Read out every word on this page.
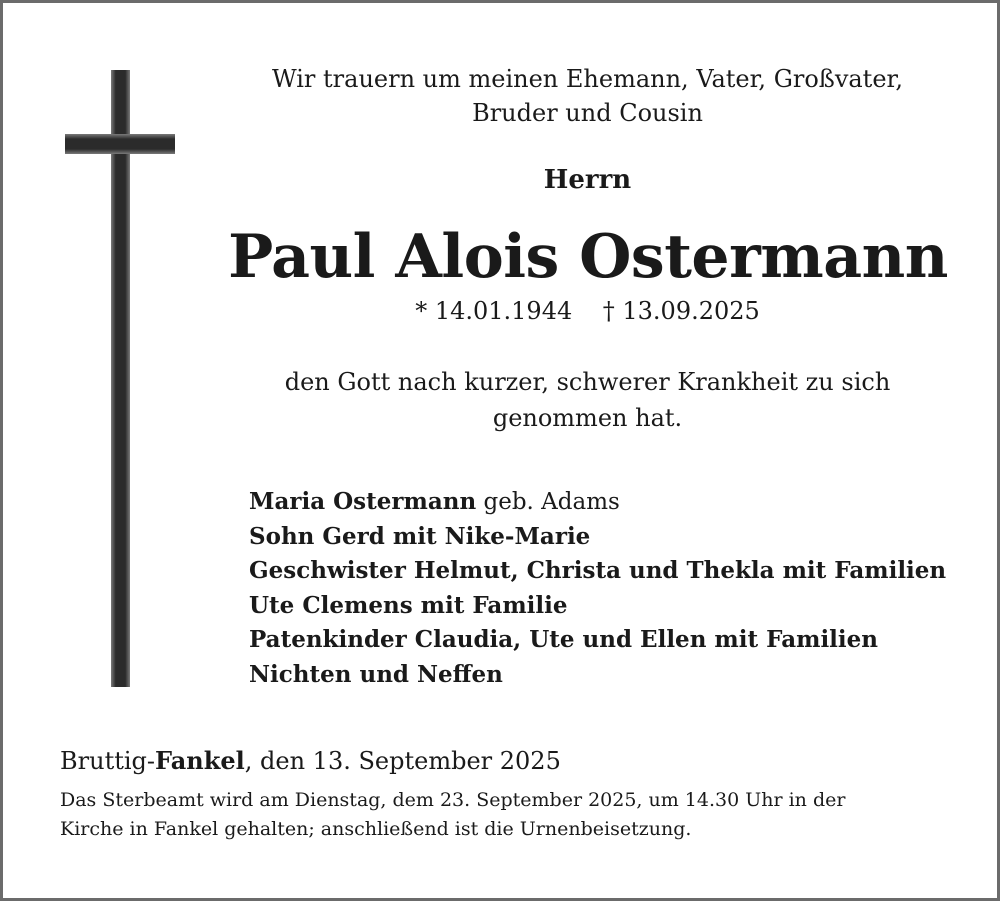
Wir trauern um meinen Ehemann, Vater, Großvater,
Bruder und Cousin
Herrn
Paul Alois Ostermann
* 14.01.1944 † 13.09.2025
den Gott nach kurzer, schwerer Krankheit zu sich
genommen hat.
Maria Ostermann geb. Adams
Sohn Gerd mit Nike-Marie
Geschwister Helmut, Christa und Thekla mit Familien
Ute Clemens mit Familie
Patenkinder Claudia, Ute und Ellen mit Familien
Nichten und Neffen
Bruttig-Fankel, den 13. September 2025
Das Sterbeamt wird am Dienstag, dem 23. September 2025, um 14.30 Uhr in der
Kirche in Fankel gehalten; anschließend ist die Urnenbeisetzung.
